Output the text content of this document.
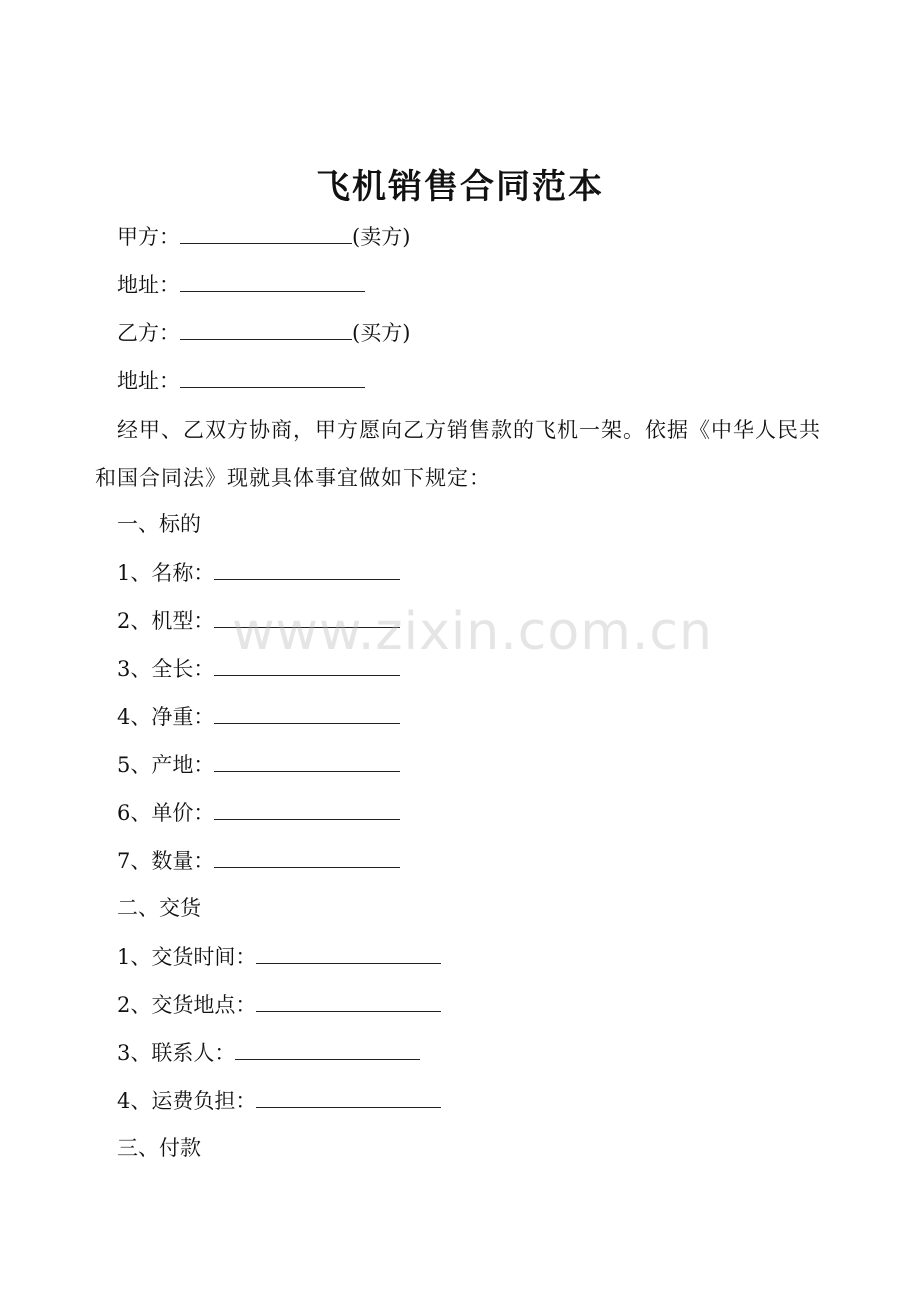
飞机销售合同范本
甲方：	(卖方)
地址：
乙方：	(买方)
地址：
经甲、乙双方协商，甲方愿向乙方销售款的飞机一架。依据《中华人民共和国合同法》现就具体事宜做如下规定：
一、标的
1、名称：
2、机型：
3、全长：
4、净重：
5、产地：
6、单价：
7、数量：
二、交货
1、交货时间：
2、交货地点：
3、联系人：
4、运费负担：
三、付款
www.zixin.com.cn
